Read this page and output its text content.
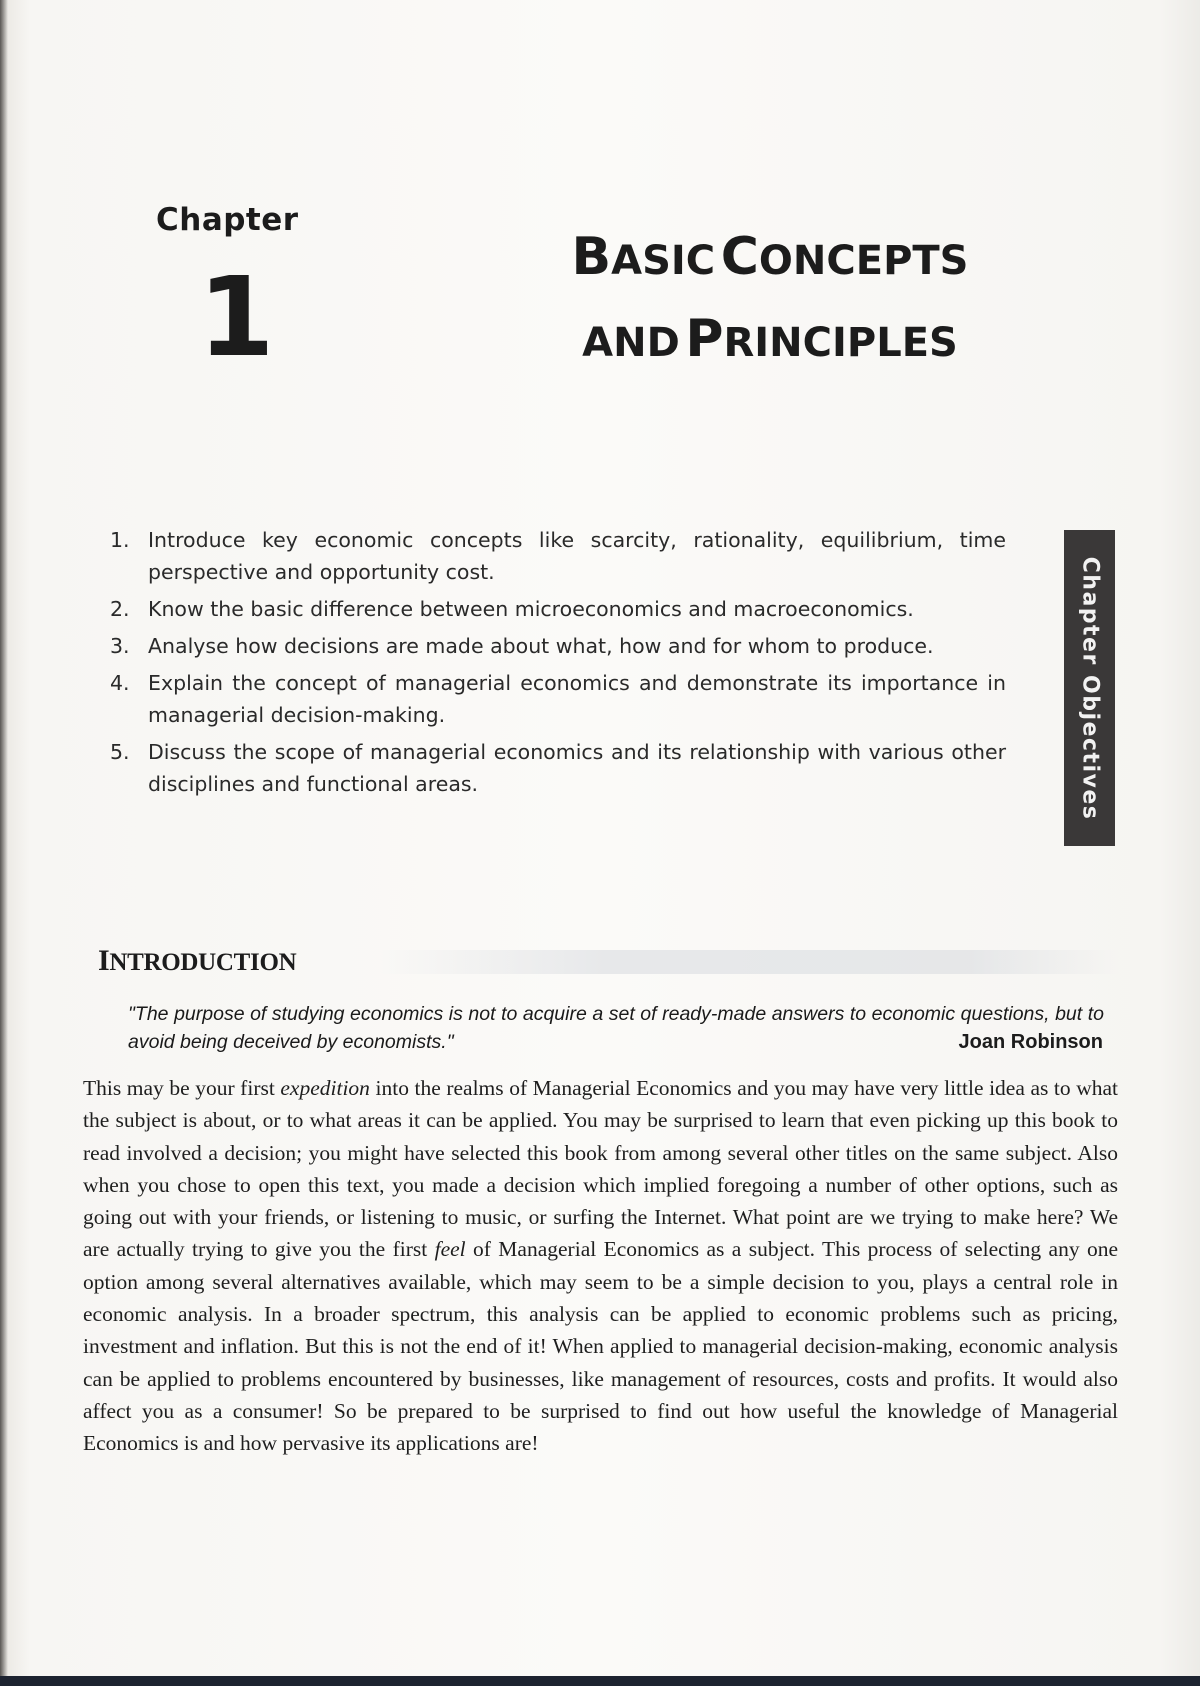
Chapter
1	BASIC CONCEPTS
AND PRINCIPLES
1. Introduce key economic concepts like scarcity, rationality, equilibrium, time perspective and opportunity cost.
2. Know the basic difference between microeconomics and macroeconomics.
3. Analyse how decisions are made about what, how and for whom to produce.
4. Explain the concept of managerial economics and demonstrate its importance in managerial decision-making.
5. Discuss the scope of managerial economics and its relationship with various other disciplines and functional areas.	Chapter Objectives
INTRODUCTION
"The purpose of studying economics is not to acquire a set of ready-made answers to economic questions, but to avoid being deceived by economists."	Joan Robinson

This may be your first expedition into the realms of Managerial Economics and you may have very little idea as to what the subject is about, or to what areas it can be applied. You may be surprised to learn that even picking up this book to read involved a decision; you might have selected this book from among several other titles on the same subject. Also when you chose to open this text, you made a decision which implied foregoing a number of other options, such as going out with your friends, or listening to music, or surfing the Internet. What point are we trying to make here? We are actually trying to give you the first feel of Managerial Economics as a subject. This process of selecting any one option among several alternatives available, which may seem to be a simple decision to you, plays a central role in economic analysis. In a broader spectrum, this analysis can be applied to economic problems such as pricing, investment and inflation. But this is not the end of it! When applied to managerial decision-making, economic analysis can be applied to problems encountered by businesses, like management of resources, costs and profits. It would also affect you as a consumer! So be prepared to be surprised to find out how useful the knowledge of Managerial Economics is and how pervasive its applications are!
